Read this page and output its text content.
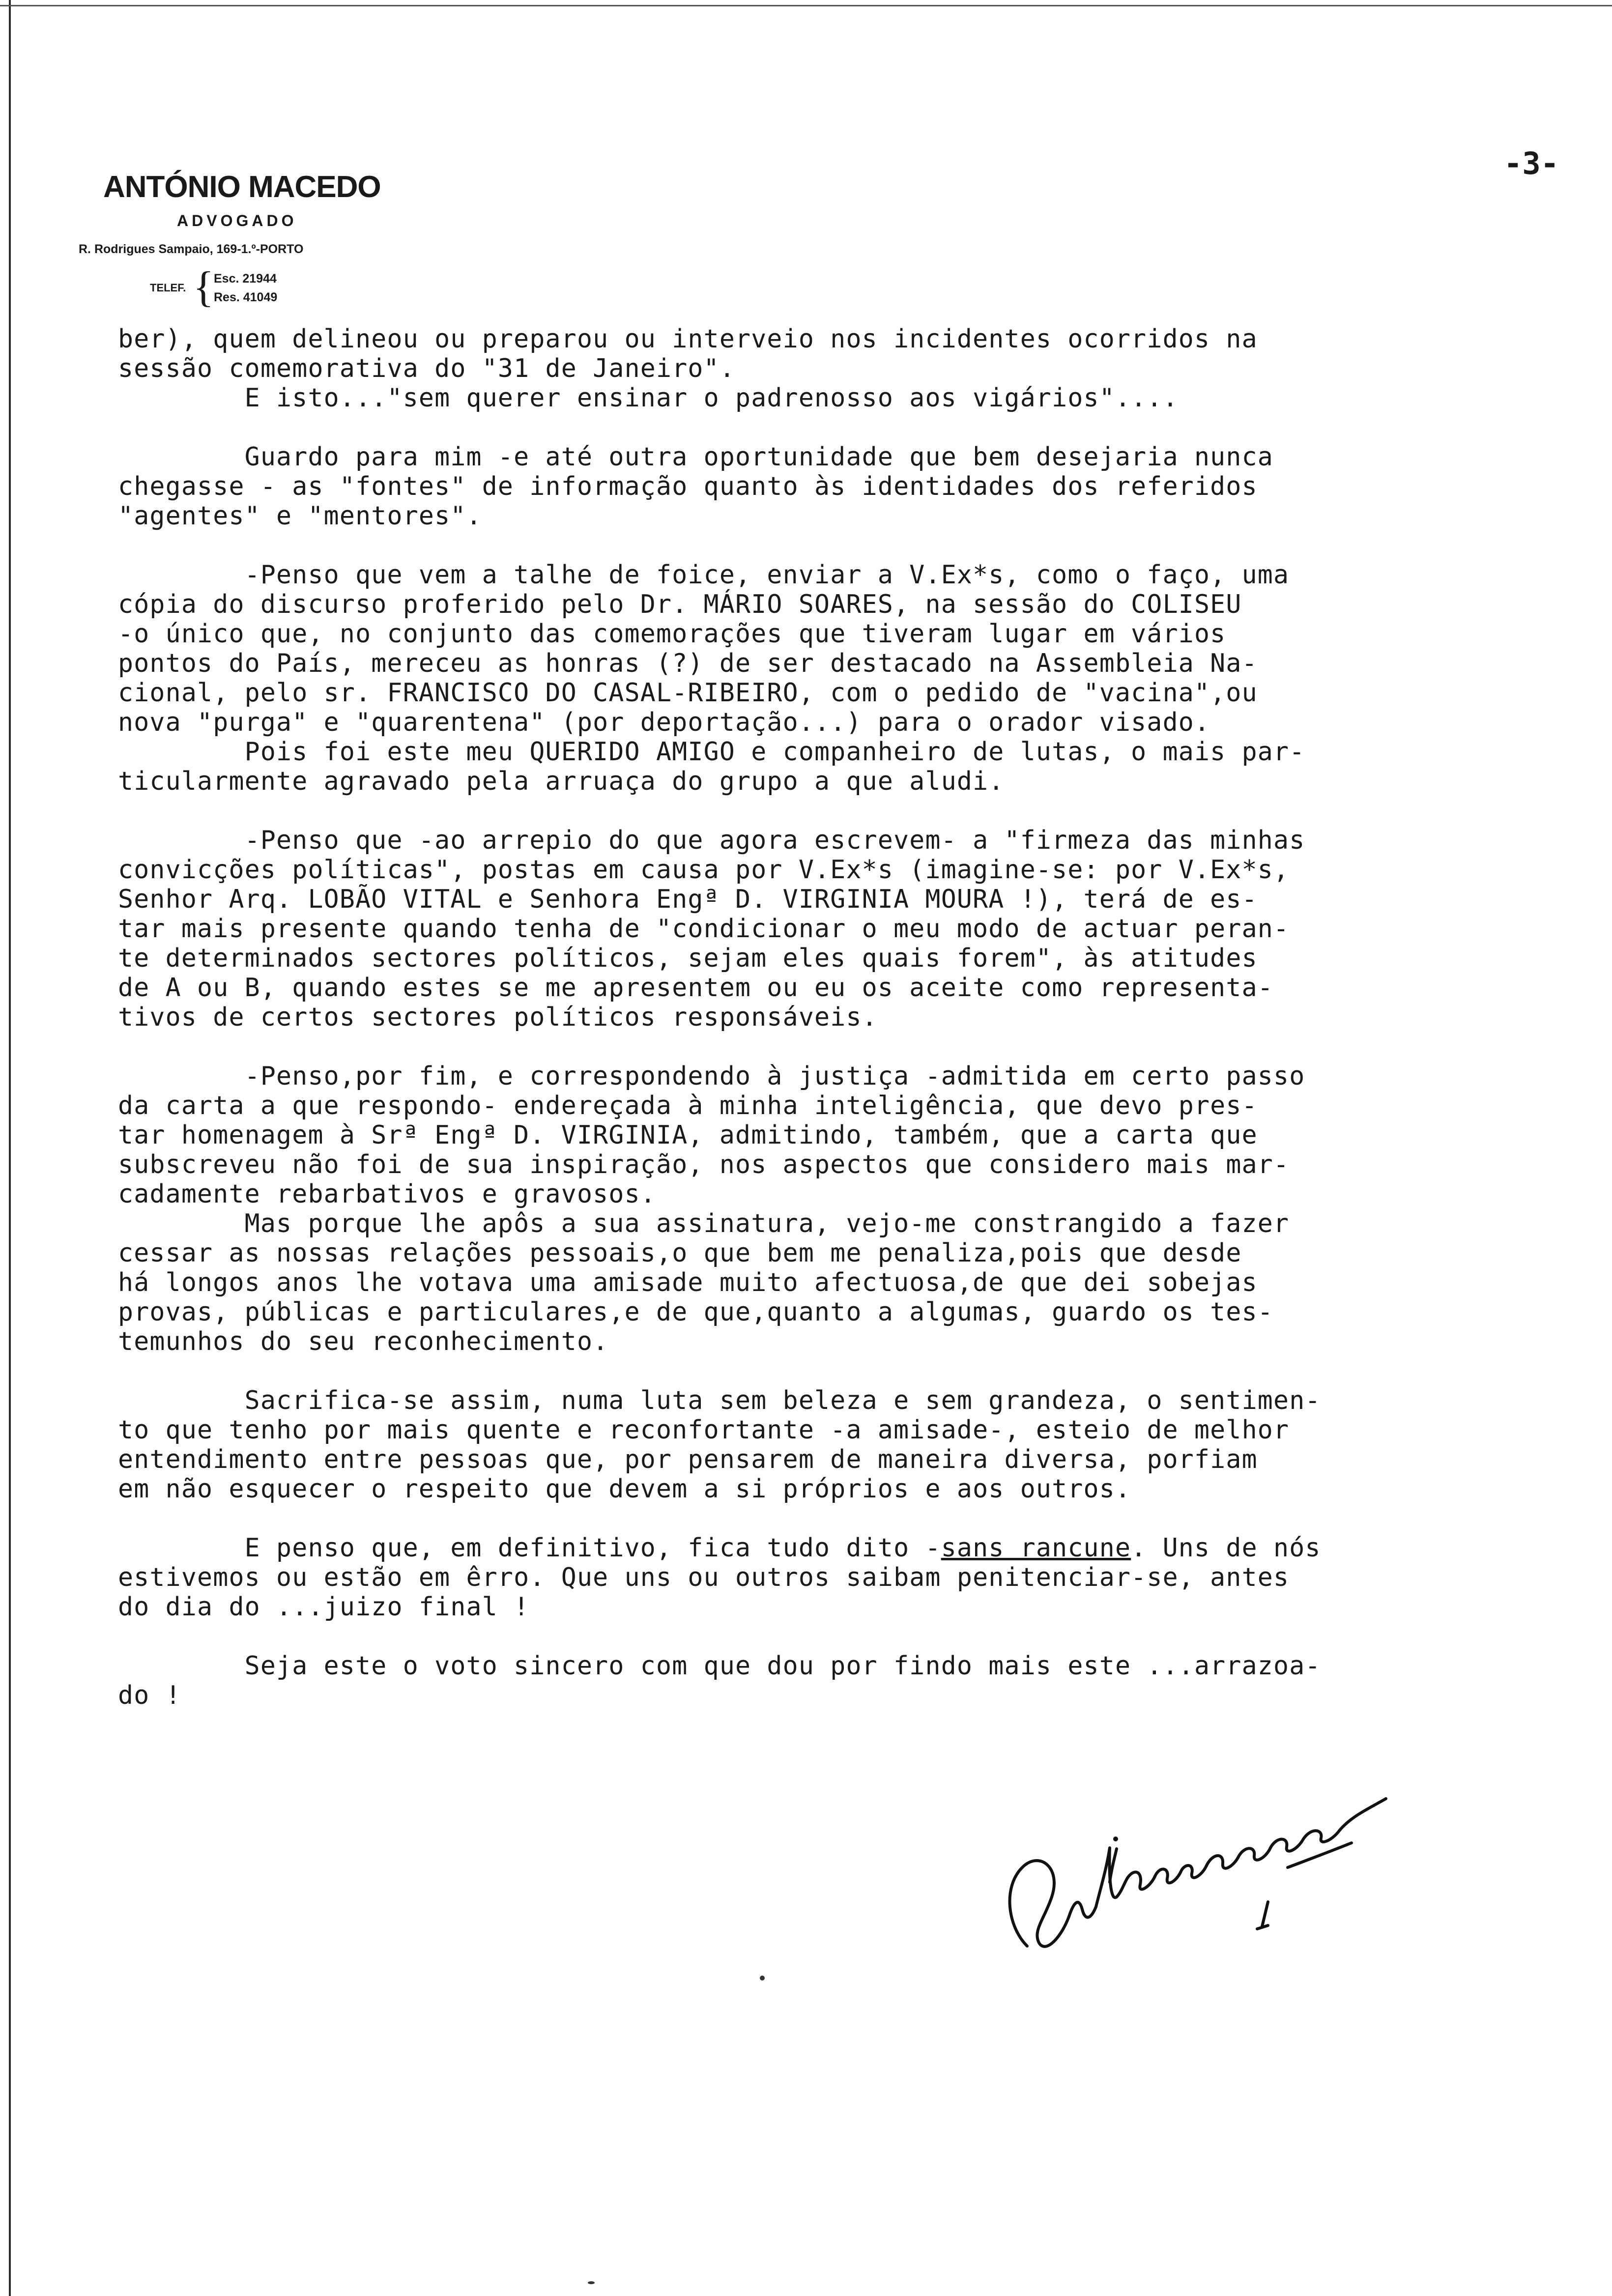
ANTÓNIO MACEDO
ADVOGADO
R. Rodrigues Sampaio, 169-1.º-PORTO
TELEF. { Esc. 21944
Res. 41049
-3-
ber), quem delineou ou preparou ou interveio nos incidentes ocorridos na
sessão comemorativa do "31 de Janeiro".
E isto..."sem querer ensinar o padrenosso aos vigários"....
Guardo para mim -e até outra oportunidade que bem desejaria nunca
chegasse - as "fontes" de informação quanto às identidades dos referidos
"agentes" e "mentores".
-Penso que vem a talhe de foice, enviar a V.Ex*s, como o faço, uma
cópia do discurso proferido pelo Dr. MÁRIO SOARES, na sessão do COLISEU
-o único que, no conjunto das comemorações que tiveram lugar em vários
pontos do País, mereceu as honras (?) de ser destacado na Assembleia Na-
cional, pelo sr. FRANCISCO DO CASAL-RIBEIRO, com o pedido de "vacina",ou
nova "purga" e "quarentena" (por deportação...) para o orador visado.
Pois foi este meu QUERIDO AMIGO e companheiro de lutas, o mais par-
ticularmente agravado pela arruaça do grupo a que aludi.
-Penso que -ao arrepio do que agora escrevem- a "firmeza das minhas
convicções políticas", postas em causa por V.Ex*s (imagine-se: por V.Ex*s,
Senhor Arq. LOBÃO VITAL e Senhora Engª D. VIRGINIA MOURA !), terá de es-
tar mais presente quando tenha de "condicionar o meu modo de actuar peran-
te determinados sectores políticos, sejam eles quais forem", às atitudes
de A ou B, quando estes se me apresentem ou eu os aceite como representa-
tivos de certos sectores políticos responsáveis.
-Penso,por fim, e correspondendo à justiça -admitida em certo passo
da carta a que respondo- endereçada à minha inteligência, que devo pres-
tar homenagem à Srª Engª D. VIRGINIA, admitindo, também, que a carta que
subscreveu não foi de sua inspiração, nos aspectos que considero mais mar-
cadamente rebarbativos e gravosos.
Mas porque lhe apôs a sua assinatura, vejo-me constrangido a fazer
cessar as nossas relações pessoais,o que bem me penaliza,pois que desde
há longos anos lhe votava uma amisade muito afectuosa,de que dei sobejas
provas, públicas e particulares,e de que,quanto a algumas, guardo os tes-
temunhos do seu reconhecimento.
Sacrifica-se assim, numa luta sem beleza e sem grandeza, o sentimen-
to que tenho por mais quente e reconfortante -a amisade-, esteio de melhor
entendimento entre pessoas que, por pensarem de maneira diversa, porfiam
em não esquecer o respeito que devem a si próprios e aos outros.
E penso que, em definitivo, fica tudo dito -sans rancune. Uns de nós
estivemos ou estão em êrro. Que uns ou outros saibam penitenciar-se, antes
do dia do ...juizo final !
Seja este o voto sincero com que dou por findo mais este ...arrazoa-
do !
